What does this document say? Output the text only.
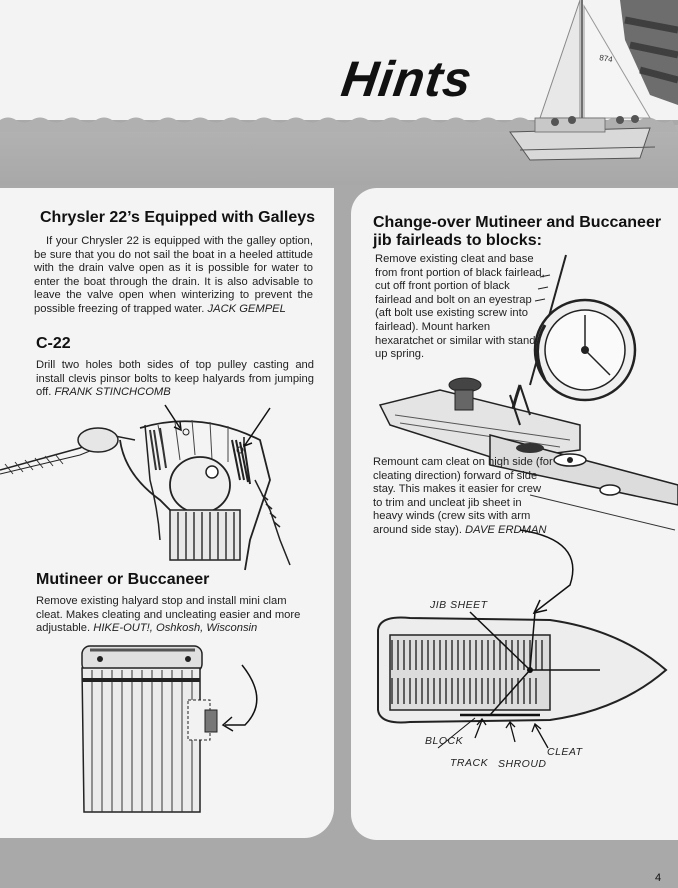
Hints	874
Chrysler 22’s Equipped with Galleys

If your Chrysler 22 is equipped with the galley option, be sure that you do not sail the boat in a heeled attitude with the drain valve open as it is possible for water to enter the boat through the drain. It is also advisable to leave the valve open when winterizing to prevent the possible freezing of trapped water. JACK GEMPEL

C-22

Drill two holes both sides of top pulley casting and install clevis pinsor bolts to keep halyards from jumping off. FRANK STINCHCOMB

Mutineer or Buccaneer

Remove existing halyard stop and install mini clam cleat. Makes cleating and uncleating easier and more adjustable. HIKE-OUT!, Oshkosh, Wisconsin

Change-over Mutineer and Buccaneer jib fairleads to blocks:

Remove existing cleat and base from front portion of black fairlead, cut off front portion of black fairlead and bolt on an eyestrap (aft bolt use existing screw into fairlead). Mount harken hexaratchet or similar with stand up spring.

Remount cam cleat on high side (for cleating direction) forward of side stay. This makes it easier for crew to trim and uncleat jib sheet in heavy winds (crew sits with arm around side stay). DAVE ERDMAN

JIB SHEET
BLOCK
TRACK SHROUD
CLEAT
4
